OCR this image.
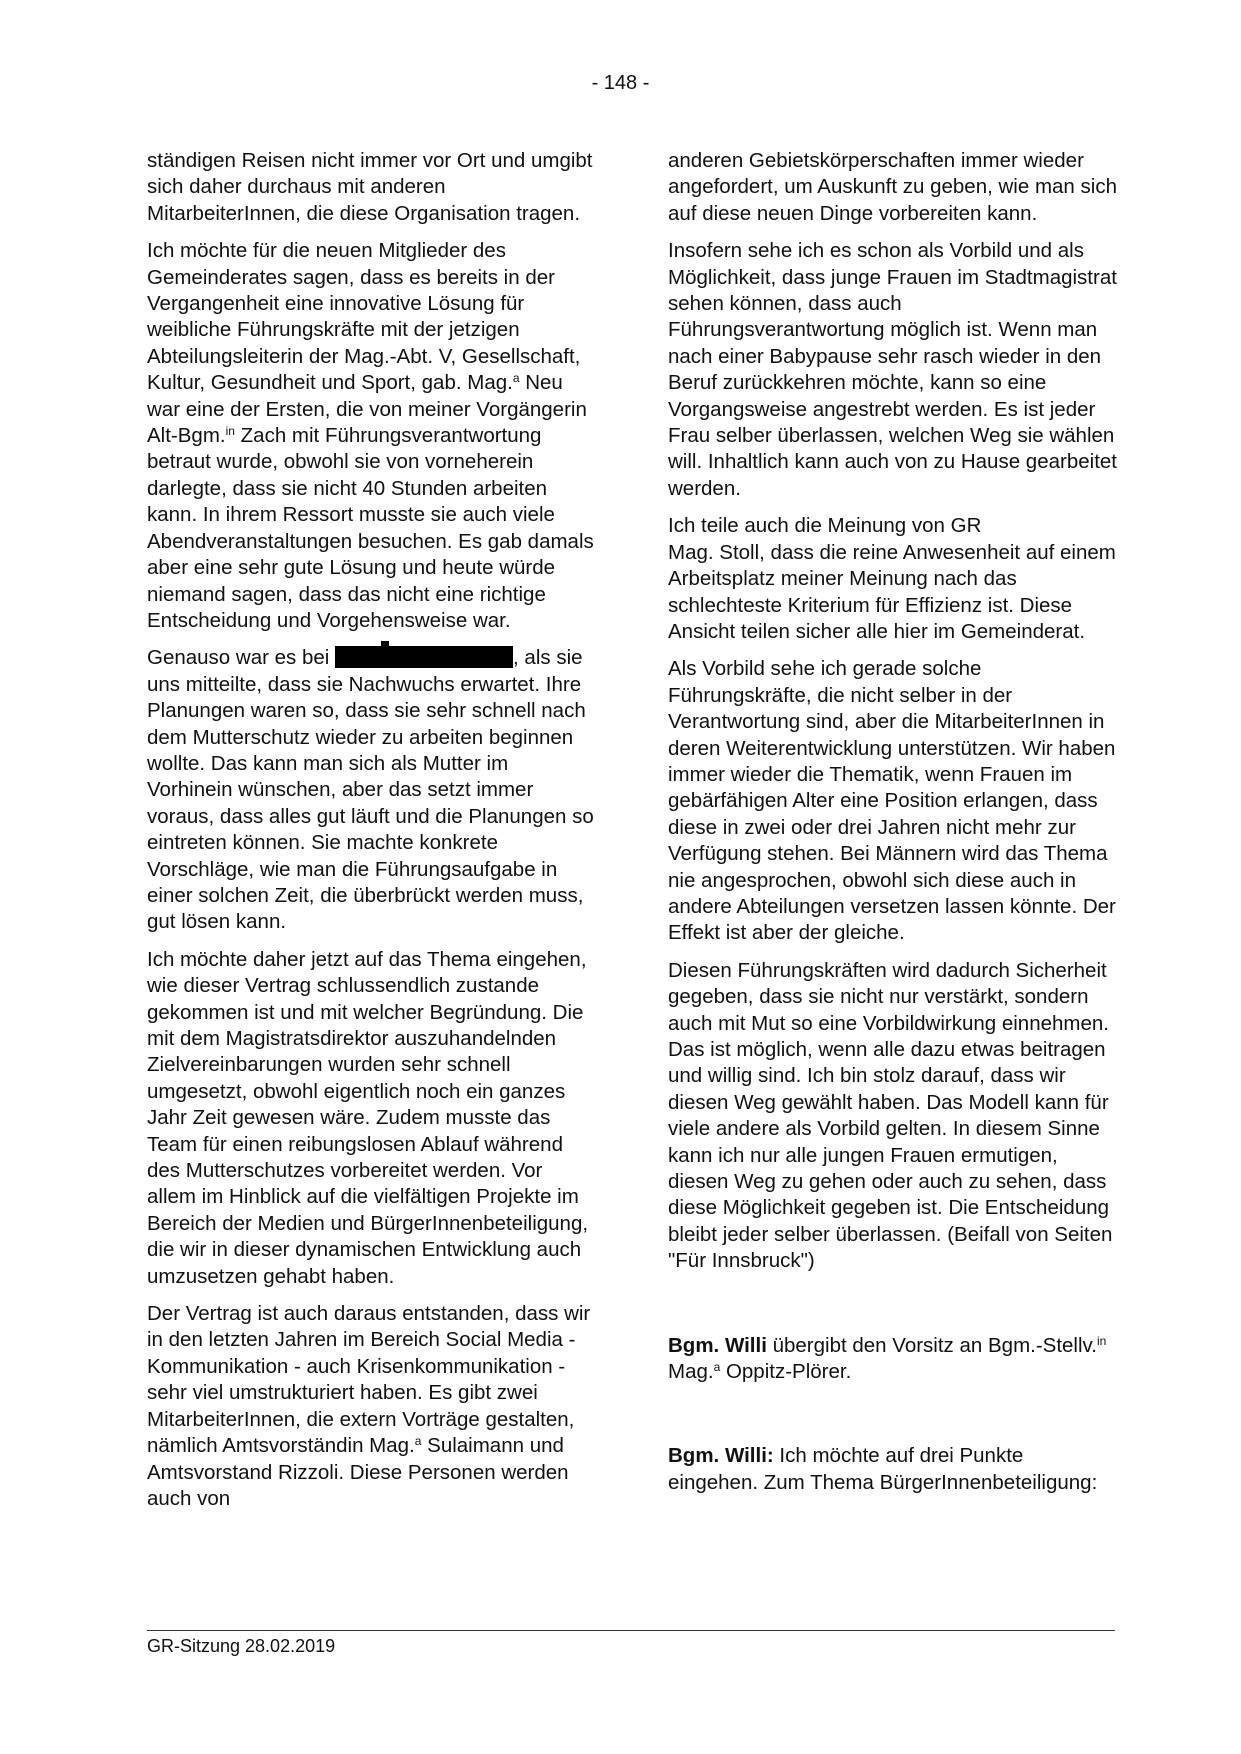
- 148 -

ständigen Reisen nicht immer vor Ort und umgibt sich daher durchaus mit anderen MitarbeiterInnen, die diese Organisation tragen.

Ich möchte für die neuen Mitglieder des Gemeinderates sagen, dass es bereits in der Vergangenheit eine innovative Lösung für weibliche Führungskräfte mit der jetzigen Abteilungsleiterin der Mag.-Abt. V, Gesellschaft, Kultur, Gesundheit und Sport, gab. Mag.$^a$ Neu war eine der Ersten, die von meiner Vorgängerin Alt-Bgm.$^{in}$ Zach mit Führungsverantwortung betraut wurde, obwohl sie von vorneherein darlegte, dass sie nicht 40 Stunden arbeiten kann. In ihrem Ressort musste sie auch viele Abendveranstaltungen besuchen. Es gab damals aber eine sehr gute Lösung und heute würde niemand sagen, dass das nicht eine richtige Entscheidung und Vorgehensweise war.

Genauso war es bei	, als sie uns mitteilte, dass sie Nachwuchs erwartet. Ihre Planungen waren so, dass sie sehr schnell nach dem Mutterschutz wieder zu arbeiten beginnen wollte. Das kann man sich als Mutter im Vorhinein wünschen, aber das setzt immer voraus, dass alles gut läuft und die Planungen so eintreten können. Sie machte konkrete Vorschläge, wie man die Führungsaufgabe in einer solchen Zeit, die überbrückt werden muss, gut lösen kann.

Ich möchte daher jetzt auf das Thema eingehen, wie dieser Vertrag schlussendlich zustande gekommen ist und mit welcher Begründung. Die mit dem Magistratsdirektor auszuhandelnden Zielvereinbarungen wurden sehr schnell umgesetzt, obwohl eigentlich noch ein ganzes Jahr Zeit gewesen wäre. Zudem musste das Team für einen reibungslosen Ablauf während des Mutterschutzes vorbereitet werden. Vor allem im Hinblick auf die vielfältigen Projekte im Bereich der Medien und BürgerInnenbeteiligung, die wir in dieser dynamischen Entwicklung auch umzusetzen gehabt haben.

Der Vertrag ist auch daraus entstanden, dass wir in den letzten Jahren im Bereich Social Media - Kommunikation - auch Krisenkommunikation - sehr viel umstrukturiert haben. Es gibt zwei MitarbeiterInnen, die extern Vorträge gestalten, nämlich Amtsvorständin Mag.$^a$ Sulaimann und Amtsvorstand Rizzoli. Diese Personen werden auch von

anderen Gebietskörperschaften immer wieder angefordert, um Auskunft zu geben, wie man sich auf diese neuen Dinge vorbereiten kann.

Insofern sehe ich es schon als Vorbild und als Möglichkeit, dass junge Frauen im Stadtmagistrat sehen können, dass auch Führungsverantwortung möglich ist. Wenn man nach einer Babypause sehr rasch wieder in den Beruf zurückkehren möchte, kann so eine Vorgangsweise angestrebt werden. Es ist jeder Frau selber überlassen, welchen Weg sie wählen will. Inhaltlich kann auch von zu Hause gearbeitet werden.

Ich teile auch die Meinung von GR
Mag. Stoll, dass die reine Anwesenheit auf einem Arbeitsplatz meiner Meinung nach das schlechteste Kriterium für Effizienz ist. Diese Ansicht teilen sicher alle hier im Gemeinderat.

Als Vorbild sehe ich gerade solche Führungskräfte, die nicht selber in der Verantwortung sind, aber die MitarbeiterInnen in deren Weiterentwicklung unterstützen. Wir haben immer wieder die Thematik, wenn Frauen im gebärfähigen Alter eine Position erlangen, dass diese in zwei oder drei Jahren nicht mehr zur Verfügung stehen. Bei Männern wird das Thema nie angesprochen, obwohl sich diese auch in andere Abteilungen versetzen lassen könnte. Der Effekt ist aber der gleiche.

Diesen Führungskräften wird dadurch Sicherheit gegeben, dass sie nicht nur verstärkt, sondern auch mit Mut so eine Vorbildwirkung einnehmen. Das ist möglich, wenn alle dazu etwas beitragen und willig sind. Ich bin stolz darauf, dass wir diesen Weg gewählt haben. Das Modell kann für viele andere als Vorbild gelten. In diesem Sinne kann ich nur alle jungen Frauen ermutigen, diesen Weg zu gehen oder auch zu sehen, dass diese Möglichkeit gegeben ist. Die Entscheidung bleibt jeder selber überlassen. (Beifall von Seiten "Für Innsbruck")

Bgm. Willi übergibt den Vorsitz an Bgm.-Stellv.$^{in}$ Mag.$^a$ Oppitz-Plörer.

Bgm. Willi: Ich möchte auf drei Punkte eingehen. Zum Thema BürgerInnenbeteiligung:

GR-Sitzung 28.02.2019
